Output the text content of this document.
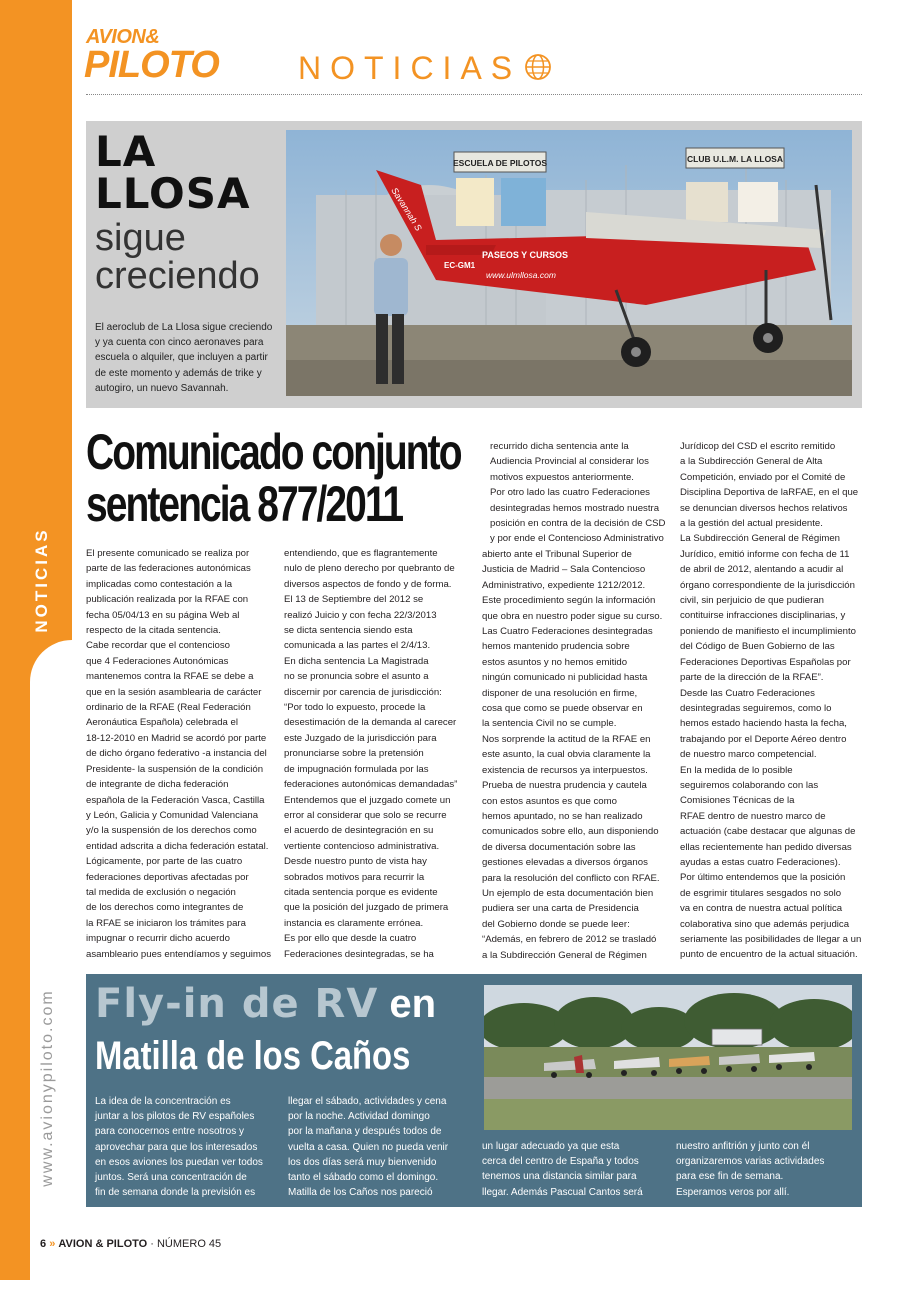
NOTICIAS
www.avionypiloto.com
AVION&
PILOTO NOTICIAS
LA
LLOSA
sigue
creciendo
El aeroclub de La Llosa sigue creciendo y ya cuenta con cinco aeronaves para escuela o alquiler, que incluyen a partir de este momento y además de trike y autogiro, un nuevo Savannah.
ESCUELA DE PILOTOS	CLUB U.L.M. LA LLOSA
Savannah S
EC-GM1
PASEOS Y CURSOS
www.ulmllosa.com
Comunicado conjunto
sentencia 877/2011
El presente comunicado se realiza por
parte de las federaciones autonómicas
implicadas como contestación a la
publicación realizada por la RFAE con
fecha 05/04/13 en su página Web al
respecto de la citada sentencia.
Cabe recordar que el contencioso
que 4 Federaciones Autonómicas
mantenemos contra la RFAE se debe a
que en la sesión asamblearia de carácter
ordinario de la RFAE (Real Federación
Aeronáutica Española) celebrada el
18-12-2010 en Madrid se acordó por parte
de dicho órgano federativo -a instancia del
Presidente- la suspensión de la condición
de integrante de dicha federación
española de la Federación Vasca, Castilla
y León, Galicia y Comunidad Valenciana
y/o la suspensión de los derechos como
entidad adscrita a dicha federación estatal.
Lógicamente, por parte de las cuatro
federaciones deportivas afectadas por
tal medida de exclusión o negación
de los derechos como integrantes de
la RFAE se iniciaron los trámites para
impugnar o recurrir dicho acuerdo
asambleario pues entendíamos y seguimos
entendiendo, que es flagrantemente
nulo de pleno derecho por quebranto de
diversos aspectos de fondo y de forma.
El 13 de Septiembre del 2012 se
realizó Juicio y con fecha 22/3/2013
se dicta sentencia siendo esta
comunicada a las partes el 2/4/13.
En dicha sentencia La Magistrada
no se pronuncia sobre el asunto a
discernir por carencia de jurisdicción:
“Por todo lo expuesto, procede la
desestimación de la demanda al carecer
este Juzgado de la jurisdicción para
pronunciarse sobre la pretensión
de impugnación formulada por las
federaciones autonómicas demandadas”
Entendemos que el juzgado comete un
error al considerar que solo se recurre
el acuerdo de desintegración en su
vertiente contencioso administrativa.
Desde nuestro punto de vista hay
sobrados motivos para recurrir la
citada sentencia porque es evidente
que la posición del juzgado de primera
instancia es claramente errónea.
Es por ello que desde la cuatro
Federaciones desintegradas, se ha
recurrido dicha sentencia ante la
Audiencia Provincial al considerar los
motivos expuestos anteriormente.
Por otro lado las cuatro Federaciones
desintegradas hemos mostrado nuestra
posición en contra de la decisión de CSD
y por ende el Contencioso Administrativo
abierto ante el Tribunal Superior de
Justicia de Madrid – Sala Contencioso
Administrativo, expediente 1212/2012.
Este procedimiento según la información
que obra en nuestro poder sigue su curso.
Las Cuatro Federaciones desintegradas
hemos mantenido prudencia sobre
estos asuntos y no hemos emitido
ningún comunicado ni publicidad hasta
disponer de una resolución en firme,
cosa que como se puede observar en
la sentencia Civil no se cumple.
Nos sorprende la actitud de la RFAE en
este asunto, la cual obvia claramente la
existencia de recursos ya interpuestos.
Prueba de nuestra prudencia y cautela
con estos asuntos es que como
hemos apuntado, no se han realizado
comunicados sobre ello, aun disponiendo
de diversa documentación sobre las
gestiones elevadas a diversos órganos
para la resolución del conflicto con RFAE.
Un ejemplo de esta documentación bien
pudiera ser una carta de Presidencia
del Gobierno donde se puede leer:
“Además, en febrero de 2012 se trasladó
a la Subdirección General de Régimen
Jurídicop del CSD el escrito remitido
a la Subdirección General de Alta
Competición, enviado por el Comité de
Disciplina Deportiva de laRFAE, en el que
se denuncian diversos hechos relativos
a la gestión del actual presidente.
La Subdirección General de Régimen
Jurídico, emitió informe con fecha de 11
de abril de 2012, alentando a acudir al
órgano correspondiente de la jurisdicción
civil, sin perjuicio de que pudieran
contituirse infracciones disciplinarias, y
poniendo de manifiesto el incumplimiento
del Código de Buen Gobierno de las
Federaciones Deportivas Españolas por
parte de la dirección de la RFAE”.
Desde las Cuatro Federaciones
desintegradas seguiremos, como lo
hemos estado haciendo hasta la fecha,
trabajando por el Deporte Aéreo dentro
de nuestro marco competencial.
En la medida de lo posible
seguiremos colaborando con las
Comisiones Técnicas de la
RFAE dentro de nuestro marco de
actuación (cabe destacar que algunas de
ellas recientemente han pedido diversas
ayudas a estas cuatro Federaciones).
Por último entendemos que la posición
de esgrimir titulares sesgados no solo
va en contra de nuestra actual política
colaborativa sino que además perjudica
seriamente las posibilidades de llegar a un
punto de encuentro de la actual situación.
Fly-in de RV en
Matilla de los Caños
La idea de la concentración es
juntar a los pilotos de RV españoles
para conocernos entre nosotros y
aprovechar para que los interesados
en esos aviones los puedan ver todos
juntos. Será una concentración de
fin de semana donde la previsión es
llegar el sábado, actividades y cena
por la noche. Actividad domingo
por la mañana y después todos de
vuelta a casa. Quien no pueda venir
los dos días será muy bienvenido
tanto el sábado como el domingo.
Matilla de los Caños nos pareció
un lugar adecuado ya que esta
cerca del centro de España y todos
tenemos una distancia similar para
llegar. Además Pascual Cantos será
nuestro anfitrión y junto con él
organizaremos varias actividades
para ese fin de semana.
Esperamos veros por allí.
6 » AVION & PILOTO · NÚMERO 45
